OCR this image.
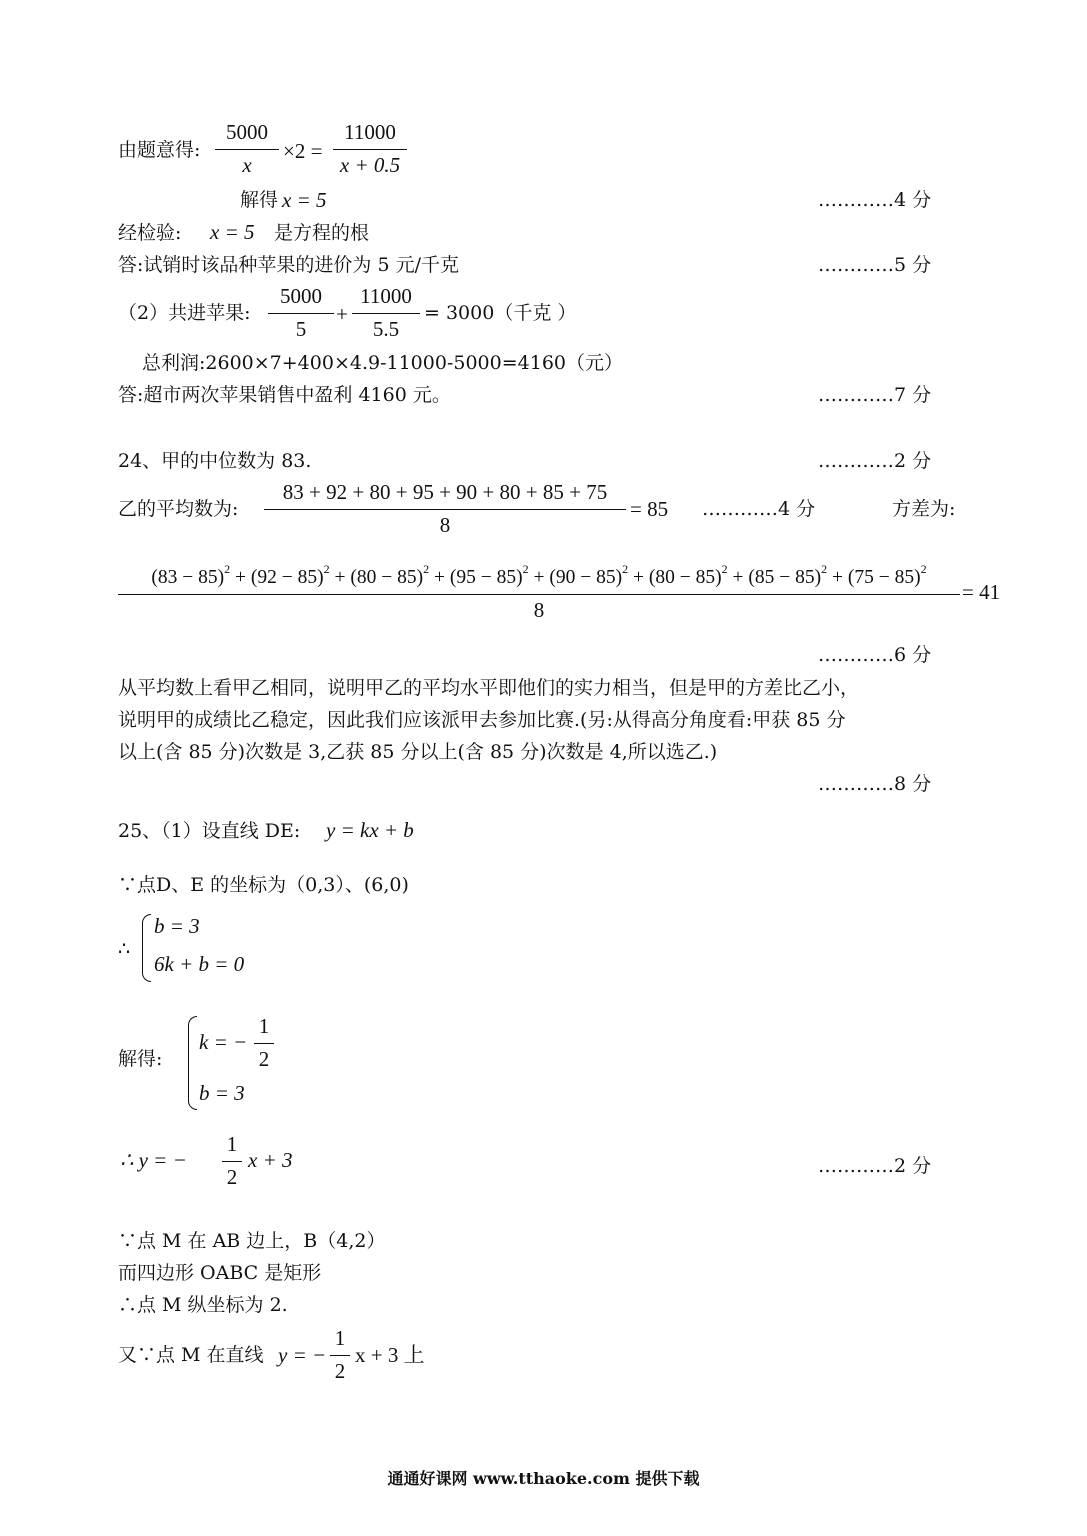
由题意得:
5000
x
×2 =
11000
x + 0.5
解得 x = 5	…………4 分
经检验: x = 5 是方程的根
答:试销时该品种苹果的进价为 5 元/千克	…………5 分
（2）共进苹果:
5000
5
+
11000
5.5
= 3000（千克 ）
总利润:2600×7+400×4.9-11000-5000=4160（元）
答:超市两次苹果销售中盈利 4160 元。	…………7 分
24、甲的中位数为 83.	…………2 分
乙的平均数为:
83 + 92 + 80 + 95 + 90 + 80 + 85 + 75
8
= 85 …………4 分	方差为:
$(83 - 85)^2 + (92 - 85)^2 + (80 - 85)^2 + (95 - 85)^2 + (90 - 85)^2 + (80 - 85)^2 + (85 - 85)^2 + (75 - 85)^2$
8
= 41
…………6 分
从平均数上看甲乙相同，说明甲乙的平均水平即他们的实力相当，但是甲的方差比乙小，
说明甲的成绩比乙稳定，因此我们应该派甲去参加比赛.(另:从得高分角度看:甲获 85 分
以上(含 85 分)次数是 3,乙获 85 分以上(含 85 分)次数是 4,所以选乙.)
…………8 分
25、（1）设直线 DE: y = kx + b
∵点D、E 的坐标为（0,3）、(6,0)
∴
b = 3
6k + b = 0
解得:
k = −
1
2
b = 3
∴ y = −
1
2
x + 3	…………2 分
∵点 M 在 AB 边上，B（4,2）
而四边形 OABC 是矩形
∴点 M 纵坐标为 2.
又∵点 M 在直线 y = −
1
2
x + 3 上
通通好课网 www.tthaoke.com 提供下载
